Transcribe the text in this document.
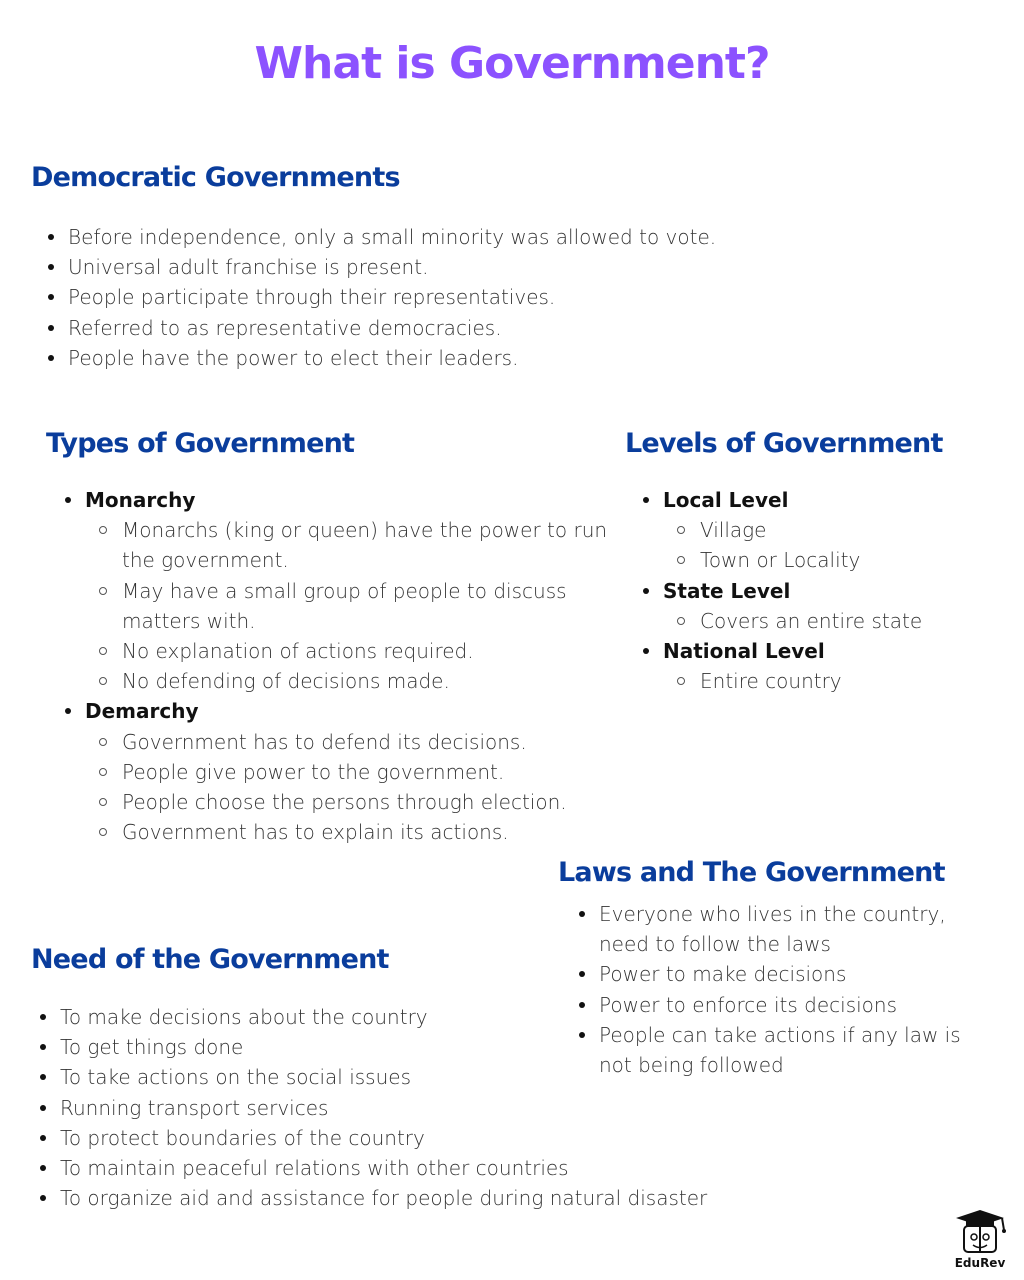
What is Government?
Democratic Governments
Before independence, only a small minority was allowed to vote.
Universal adult franchise is present.
People participate through their representatives.
Referred to as representative democracies.
People have the power to elect their leaders.
Types of Government
Monarchy
Monarchs (king or queen) have the power to run the government.
May have a small group of people to discuss matters with.
No explanation of actions required.
No defending of decisions made.
Demarchy
Government has to defend its decisions.
People give power to the government.
People choose the persons through election.
Government has to explain its actions.
Levels of Government
Local Level
Village
Town or Locality
State Level
Covers an entire state
National Level
Entire country
Laws and The Government
Everyone who lives in the country, need to follow the laws
Power to make decisions
Power to enforce its decisions
People can take actions if any law is not being followed
Need of the Government
To make decisions about the country
To get things done
To take actions on the social issues
Running transport services
To protect boundaries of the country
To maintain peaceful relations with other countries
To organize aid and assistance for people during natural disaster
EduRev
